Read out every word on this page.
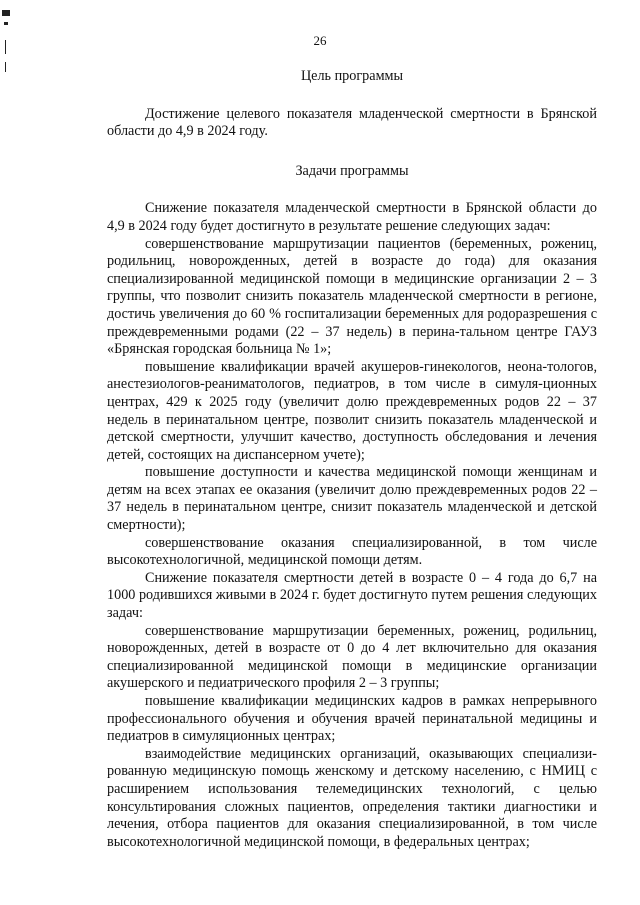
26

Цель программы

Достижение целевого показателя младенческой смертности в Брянской области до 4,9 в 2024 году.

Задачи программы

Снижение показателя младенческой смертности в Брянской области до 4,9 в 2024 году будет достигнуто в результате решение следующих задач:

совершенствование маршрутизации пациентов (беременных, рожениц, родильниц, новорожденных, детей в возрасте до года) для оказания специализированной медицинской помощи в медицинские организации 2 – 3 группы, что позволит снизить показатель младенческой смертности в регионе, достичь увеличения до 60 % госпитализации беременных для родоразрешения с преждевременными родами (22 – 37 недель) в перина-тальном центре ГАУЗ «Брянская городская больница № 1»;

повышение квалификации врачей акушеров-гинекологов, неона-тологов, анестезиологов-реаниматологов, педиатров, в том числе в симуля-ционных центрах, 429 к 2025 году (увеличит долю преждевременных родов 22 – 37 недель в перинатальном центре, позволит снизить показатель младенческой и детской смертности, улучшит качество, доступность обследования и лечения детей, состоящих на диспансерном учете);

повышение доступности и качества медицинской помощи женщинам и детям на всех этапах ее оказания (увеличит долю преждевременных родов 22 – 37 недель в перинатальном центре, снизит показатель младенческой и детской смертности);

совершенствование оказания специализированной, в том числе высокотехнологичной, медицинской помощи детям.

Снижение показателя смертности детей в возрасте 0 – 4 года до 6,7 на 1000 родившихся живыми в 2024 г. будет достигнуто путем решения следующих задач:

совершенствование маршрутизации беременных, рожениц, родильниц, новорожденных, детей в возрасте от 0 до 4 лет включительно для оказания специализированной медицинской помощи в медицинские организации акушерского и педиатрического профиля 2 – 3 группы;

повышение квалификации медицинских кадров в рамках непрерывного профессионального обучения и обучения врачей перинатальной медицины и педиатров в симуляционных центрах;

взаимодействие медицинских организаций, оказывающих специализи-рованную медицинскую помощь женскому и детскому населению, с НМИЦ с расширением использования телемедицинских технологий, с целью консультирования сложных пациентов, определения тактики диагностики и лечения, отбора пациентов для оказания специализированной, в том числе высокотехнологичной медицинской помощи, в федеральных центрах;
